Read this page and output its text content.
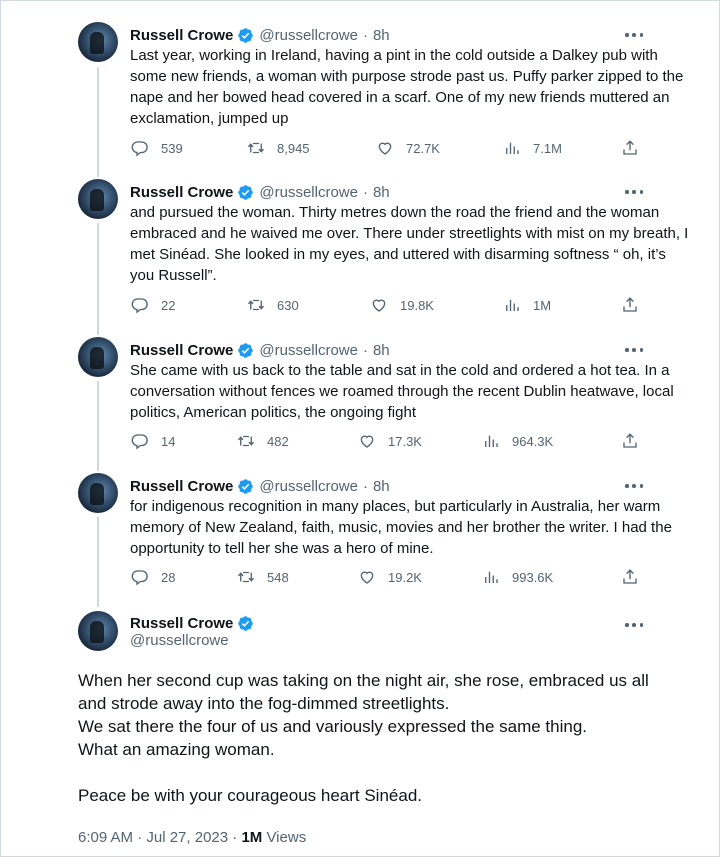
Russell Crowe @russellcrowe · 8h
Last year, working in Ireland, having a pint in the cold outside a Dalkey pub with some new friends, a woman with purpose strode past us. Puffy parker zipped to the nape and her bowed head covered in a scarf. One of my new friends muttered an exclamation, jumped up
539	8,945	72.7K	7.1M
Russell Crowe @russellcrowe · 8h
and pursued the woman. Thirty metres down the road the friend and the woman embraced and he waived me over. There under streetlights with mist on my breath, I met Sinéad. She looked in my eyes, and uttered with disarming softness “ oh, it’s you Russell”.
22	630	19.8K	1M
Russell Crowe @russellcrowe · 8h
She came with us back to the table and sat in the cold and ordered a hot tea. In a conversation without fences we roamed through the recent Dublin heatwave, local politics, American politics, the ongoing fight
14	482	17.3K	964.3K
Russell Crowe @russellcrowe · 8h
for indigenous recognition in many places, but particularly in Australia, her warm memory of New Zealand, faith, music, movies and her brother the writer. I had the opportunity to tell her she was a hero of mine.
28	548	19.2K	993.6K
Russell Crowe
@russellcrowe

When her second cup was taking on the night air, she rose, embraced us all and strode away into the fog-dimmed streetlights.

We sat there the four of us and variously expressed the same thing.

What an amazing woman.

Peace be with your courageous heart Sinéad.

6:09 AM · Jul 27, 2023 · 1M Views
